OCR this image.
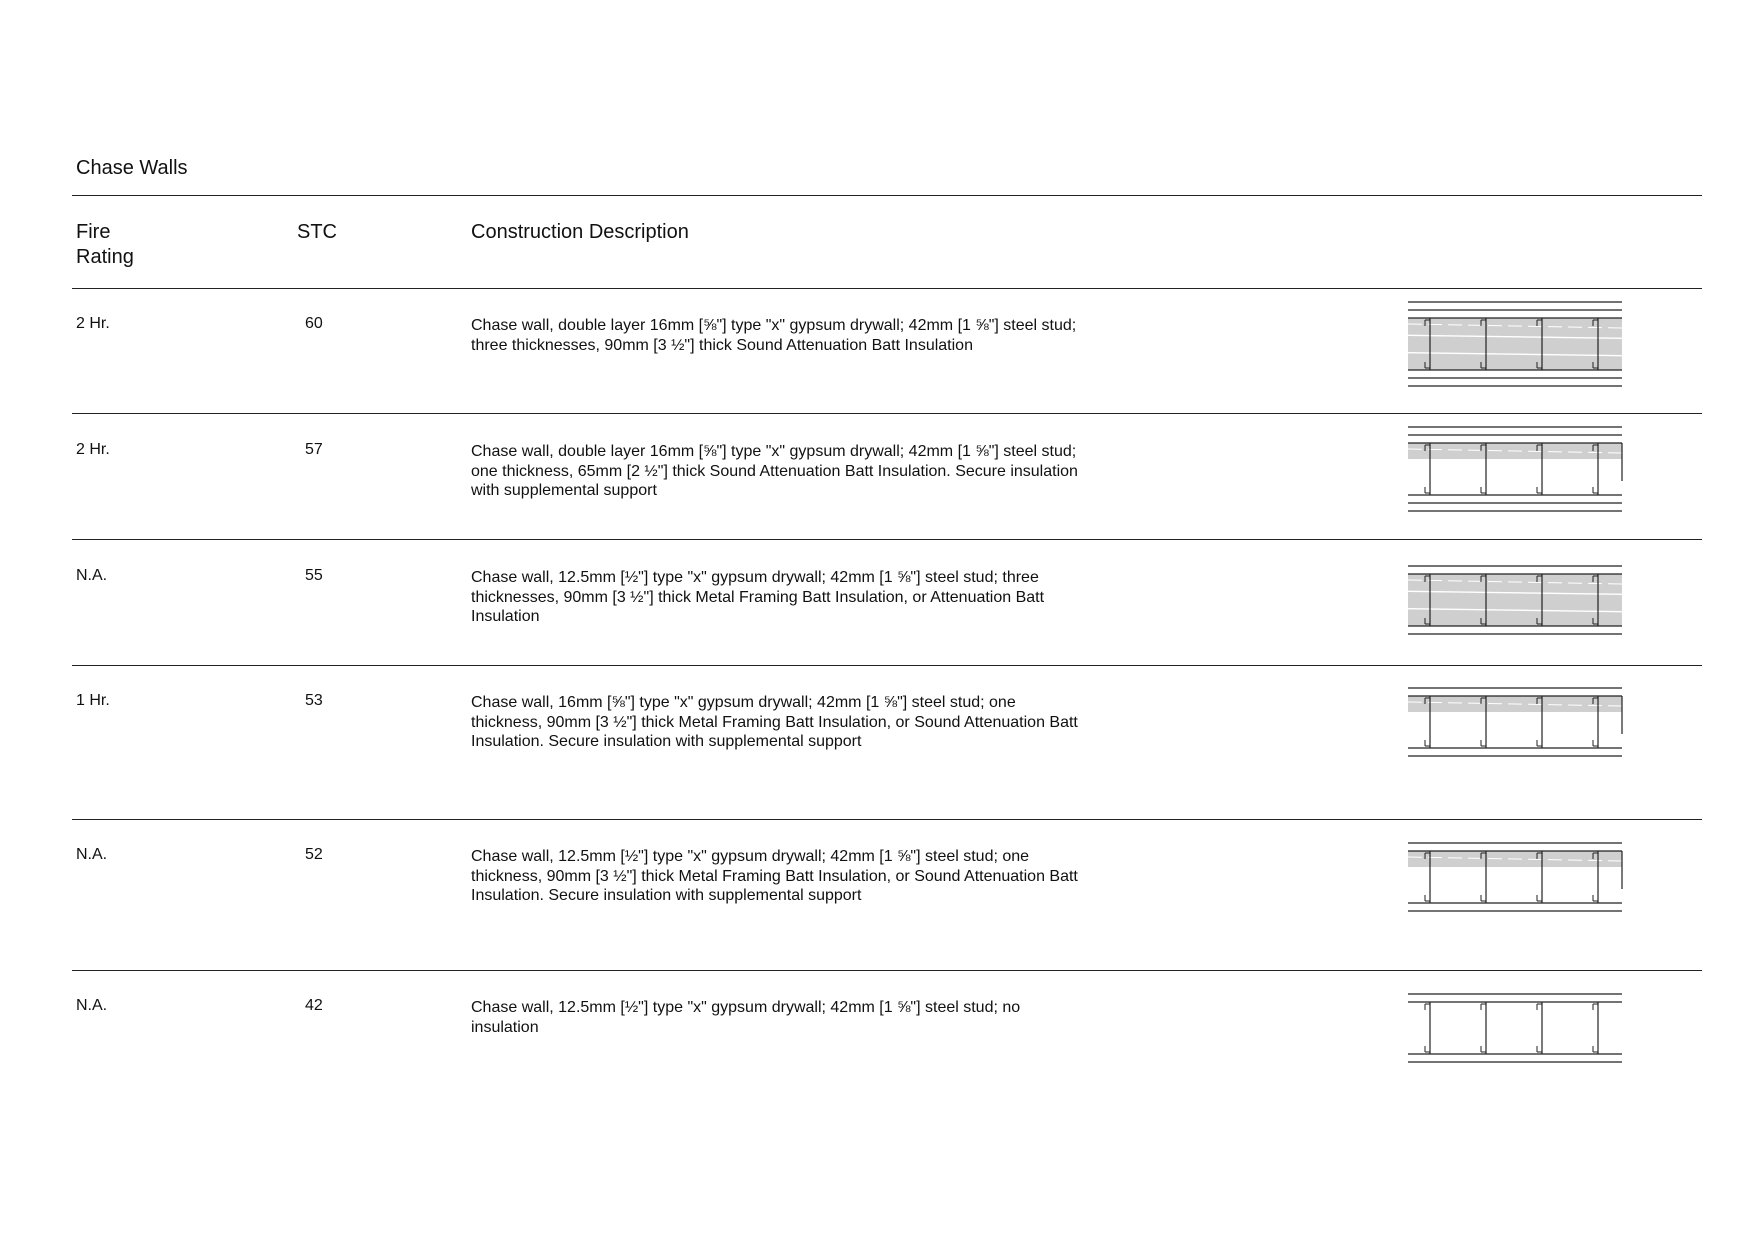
Chase Walls
Fire
Rating
STC	Construction Description
2 Hr.	60	Chase wall, double layer 16mm [⅝"] type "x" gypsum drywall; 42mm [1 ⅝"] steel stud; three thicknesses, 90mm [3 ½"] thick Sound Attenuation Batt Insulation
2 Hr.	57	Chase wall, double layer 16mm [⅝"] type "x" gypsum drywall; 42mm [1 ⅝"] steel stud; one thickness, 65mm [2 ½"] thick Sound Attenuation Batt Insulation. Secure insulation with supplemental support
N.A.	55	Chase wall, 12.5mm [½"] type "x" gypsum drywall; 42mm [1 ⅝"] steel stud; three thicknesses, 90mm [3 ½"] thick Metal Framing Batt Insulation, or Attenuation Batt Insulation
1 Hr.	53	Chase wall, 16mm [⅝"] type "x" gypsum drywall; 42mm [1 ⅝"] steel stud; one thickness, 90mm [3 ½"] thick Metal Framing Batt Insulation, or Sound Attenuation Batt Insulation. Secure insulation with supplemental support
N.A.	52	Chase wall, 12.5mm [½"] type "x" gypsum drywall; 42mm [1 ⅝"] steel stud; one thickness, 90mm [3 ½"] thick Metal Framing Batt Insulation, or Sound Attenuation Batt Insulation. Secure insulation with supplemental support
N.A.	42	Chase wall, 12.5mm [½"] type "x" gypsum drywall; 42mm [1 ⅝"] steel stud; no insulation
